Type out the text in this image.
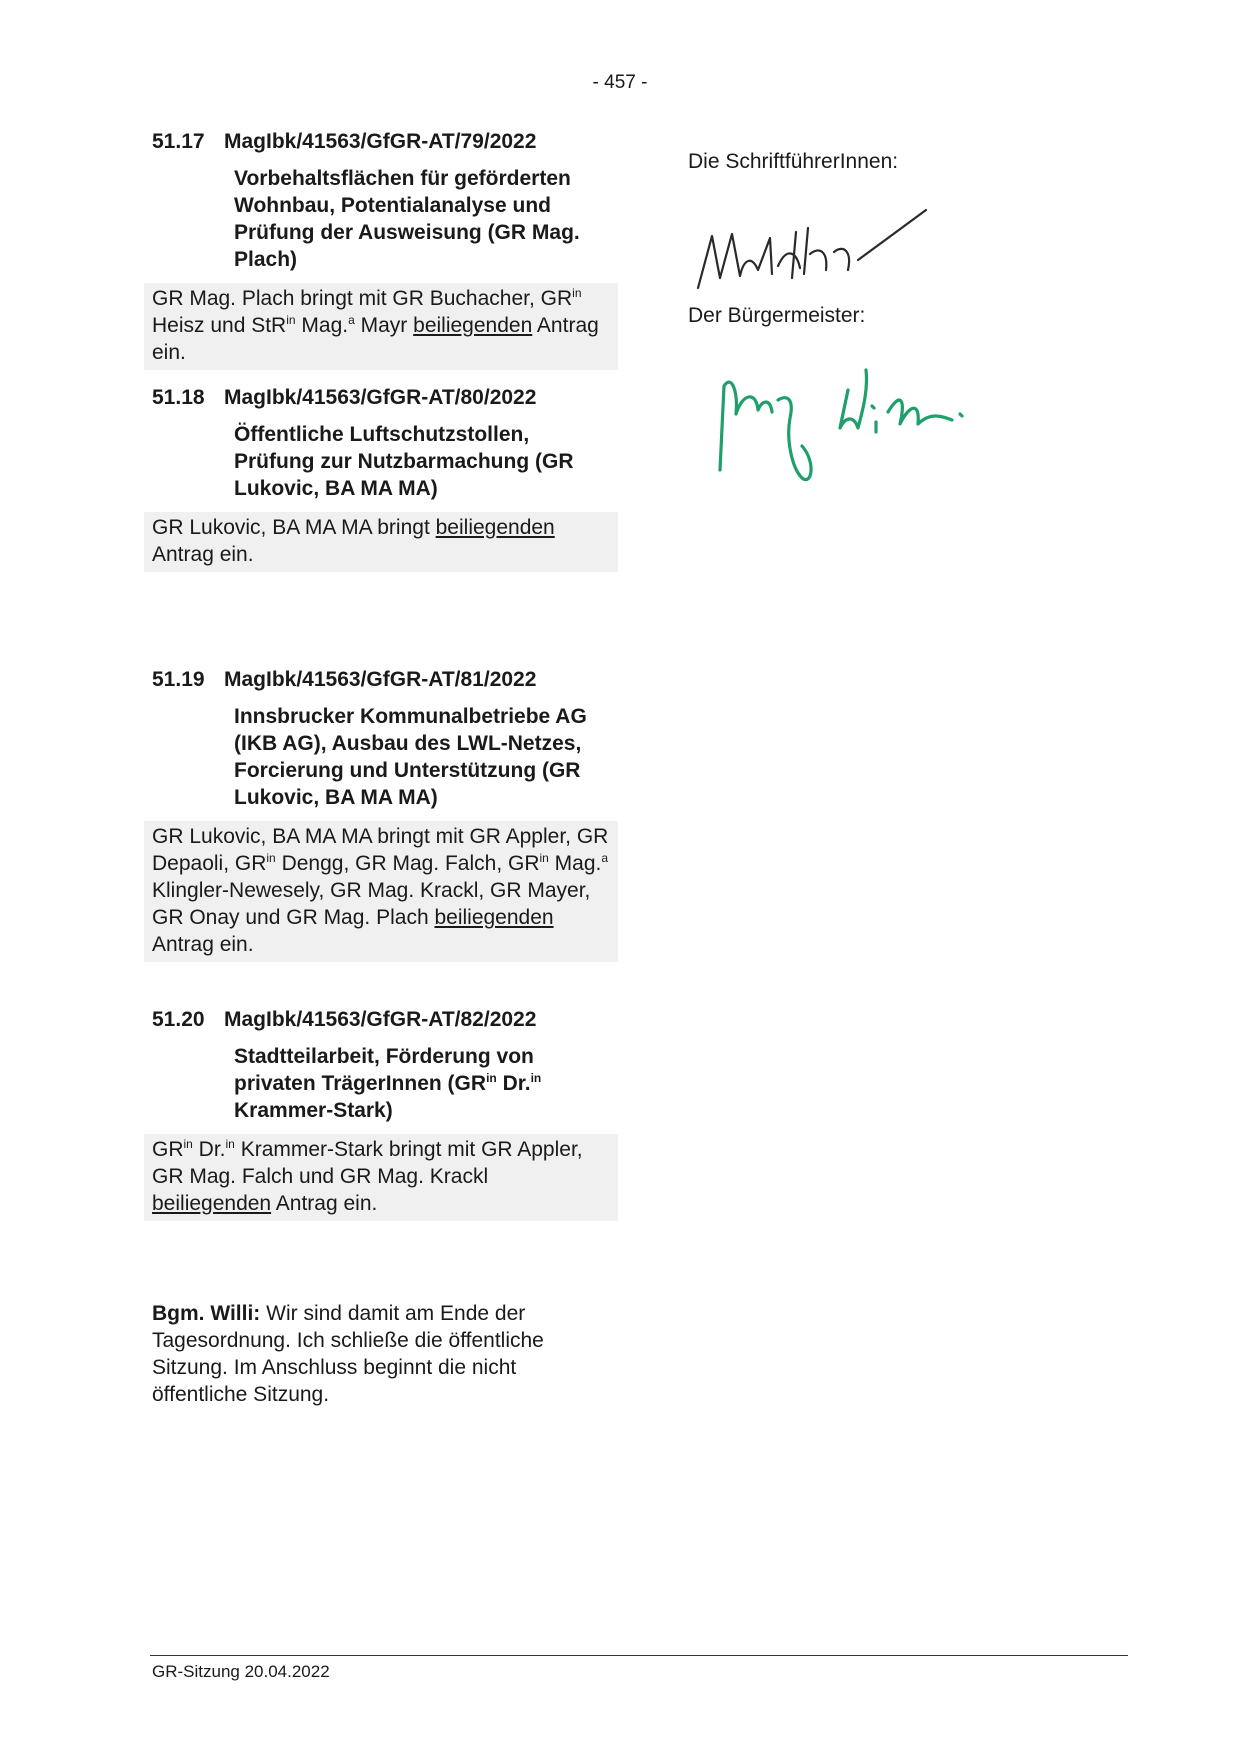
- 457 -
51.17 MagIbk/41563/GfGR-AT/79/2022
Vorbehaltsflächen für geförderten Wohnbau, Potentialanalyse und Prüfung der Ausweisung (GR Mag. Plach)
GR Mag. Plach bringt mit GR Buchacher, $GR^{in}$ Heisz und StR$^{in}$ Mag.$^a$ Mayr beiliegenden Antrag ein.
51.18 MagIbk/41563/GfGR-AT/80/2022
Öffentliche Luftschutzstollen, Prüfung zur Nutzbarmachung (GR Lukovic, BA MA MA)
GR Lukovic, BA MA MA bringt beiliegenden Antrag ein.
51.19 MagIbk/41563/GfGR-AT/81/2022
Innsbrucker Kommunalbetriebe AG (IKB AG), Ausbau des LWL-Netzes, Forcierung und Unterstützung (GR Lukovic, BA MA MA)
GR Lukovic, BA MA MA bringt mit GR Appler, GR Depaoli, $GR^{in}$ Dengg, GR Mag. Falch, $GR^{in}$ Mag.$^a$ Klingler-Newesely, GR Mag. Krackl, GR Mayer, GR Onay und GR Mag. Plach beiliegenden Antrag ein.
51.20 MagIbk/41563/GfGR-AT/82/2022
Stadtteilarbeit, Förderung von privaten TrägerInnen ($GR^{in}$ Dr.$^{in}$ Krammer-Stark)
$GR^{in}$ Dr.$^{in}$ Krammer-Stark bringt mit GR Appler, GR Mag. Falch und GR Mag. Krackl beiliegenden Antrag ein.
Bgm. Willi: Wir sind damit am Ende der Tagesordnung. Ich schließe die öffentliche Sitzung. Im Anschluss beginnt die nicht öffentliche Sitzung.
Die SchriftführerInnen:
Der Bürgermeister:
GR-Sitzung 20.04.2022
